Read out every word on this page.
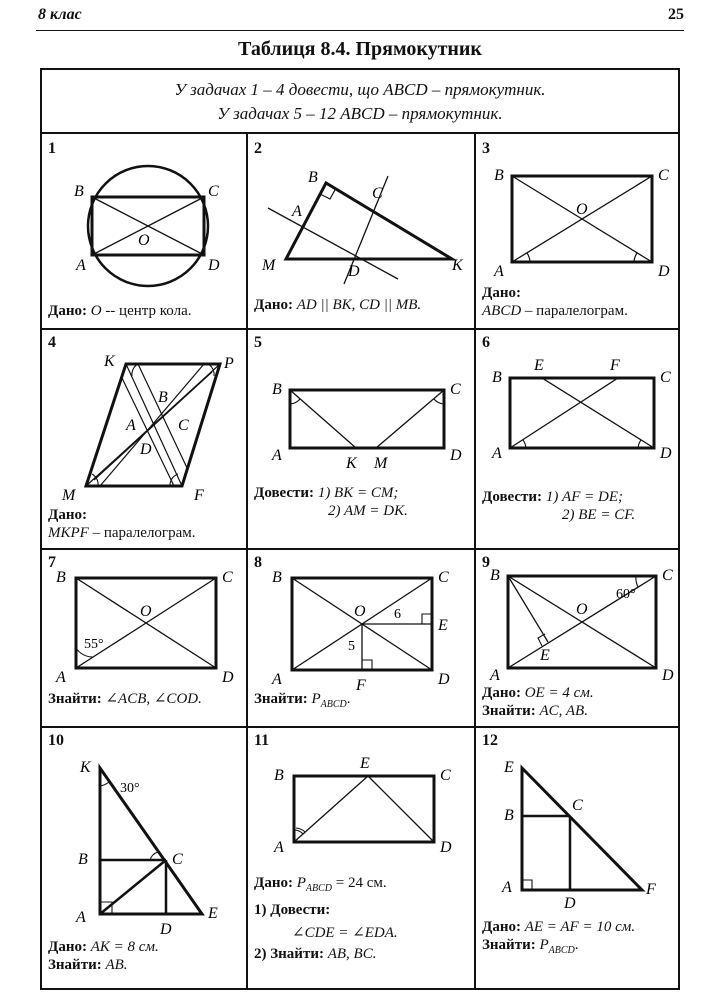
8 клас	25
Таблиця 8.4. Прямокутник
У задачах 1 – 4 довести, що ABCD – прямокутник.
У задачах 5 – 12 ABCD – прямокутник.
B	C
O
A	D
1
Дано: O -- центр кола.
B
C
A
M	D	K
2
Дано: AD || BK, CD || MB.
B	C
O
A	D
3
Дано:
ABCD – паралелограм.
K	P
B
A	C
D
M	F
4
Дано:
MKPF – паралелограм.
B	C
A	D
K M
5
Довести: 1) BK = CM;
2) AM = DK.
B
E	F
C
A	D
6
Довести: 1) AF = DE;
2) BE = CF.
B	C
O
55°
A	D
7
Знайти: ∠ACB, ∠COD.
B	C
O 6
E
5
A	F	D
8
Знайти: $P_{ABCD}$.
B	C
O
60°
E
A	D
9
Дано: OE = 4 см.
Знайти: AC, AB.
K
30°
B	C
A
D
E
10
Дано: AK = 8 см.
Знайти: AB.
B
E
C
A	D
11
Дано: $P_{ABCD} = 24$ см.
1) Довести:
∠CDE = ∠EDA.
2) Знайти: AB, BC.
E
B
C
A
D
F
12
Дано: AE = AF = 10 см.
Знайти: $P_{ABCD}$.
